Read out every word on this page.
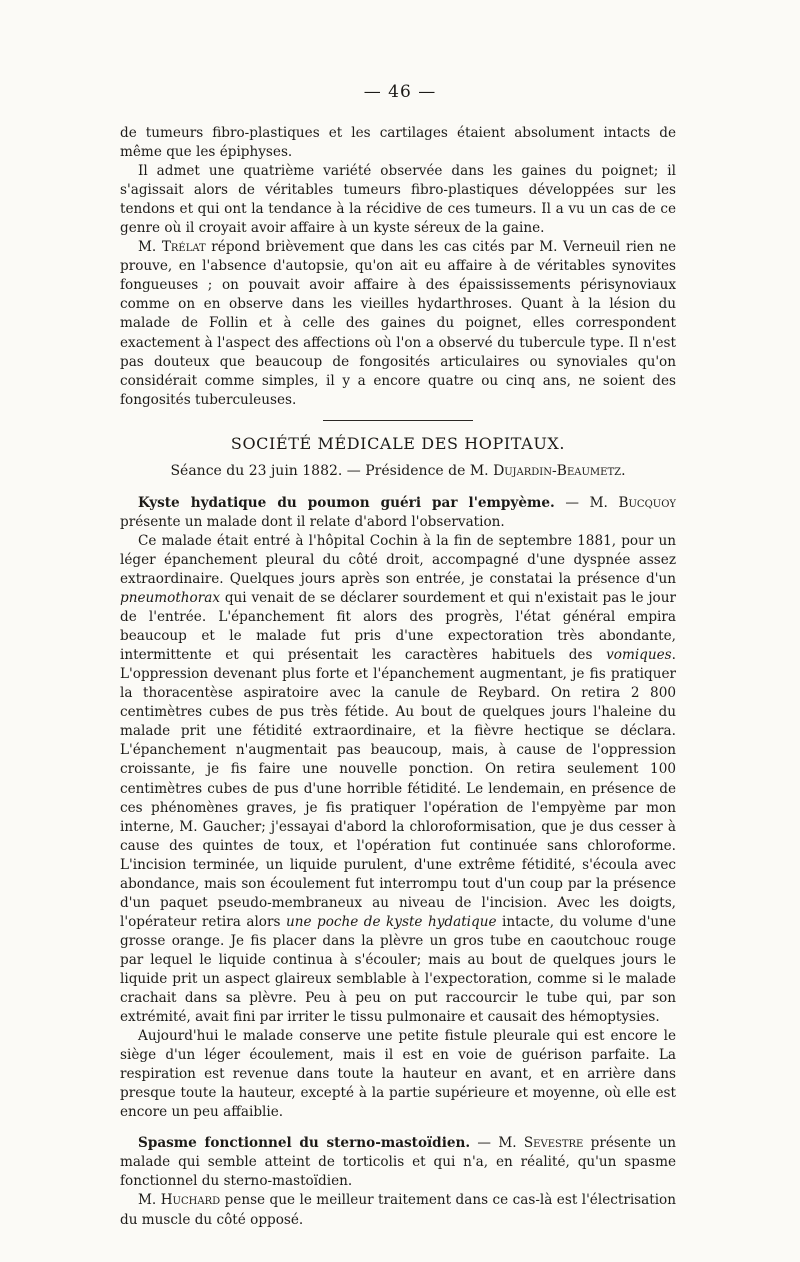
— 46 —

de tumeurs fibro-plastiques et les cartilages étaient absolument intacts de même que les épiphyses.

Il admet une quatrième variété observée dans les gaines du poignet; il s'agissait alors de véritables tumeurs fibro-plastiques développées sur les tendons et qui ont la tendance à la récidive de ces tumeurs. Il a vu un cas de ce genre où il croyait avoir affaire à un kyste séreux de la gaine.

M. Trélat répond brièvement que dans les cas cités par M. Verneuil rien ne prouve, en l'absence d'autopsie, qu'on ait eu affaire à de véritables synovites fongueuses ; on pouvait avoir affaire à des épaississements périsynoviaux comme on en observe dans les vieilles hydarthroses. Quant à la lésion du malade de Follin et à celle des gaines du poignet, elles correspondent exactement à l'aspect des affections où l'on a observé du tubercule type. Il n'est pas douteux que beaucoup de fongosités articulaires ou synoviales qu'on considérait comme simples, il y a encore quatre ou cinq ans, ne soient des fongosités tuberculeuses.

SOCIÉTÉ MÉDICALE DES HOPITAUX.
Séance du 23 juin 1882. — Présidence de M. Dujardin-Beaumetz.

Kyste hydatique du poumon guéri par l'empyème. — M. Bucquoy présente un malade dont il relate d'abord l'observation.

Ce malade était entré à l'hôpital Cochin à la fin de septembre 1881, pour un léger épanchement pleural du côté droit, accompagné d'une dyspnée assez extraordinaire. Quelques jours après son entrée, je constatai la présence d'un pneumothorax qui venait de se déclarer sourdement et qui n'existait pas le jour de l'entrée. L'épanchement fit alors des progrès, l'état général empira beaucoup et le malade fut pris d'une expectoration très abondante, intermittente et qui présentait les caractères habituels des vomiques. L'oppression devenant plus forte et l'épanchement augmentant, je fis pratiquer la thoracentèse aspiratoire avec la canule de Reybard. On retira 2 800 centimètres cubes de pus très fétide. Au bout de quelques jours l'haleine du malade prit une fétidité extraordinaire, et la fièvre hectique se déclara. L'épanchement n'augmentait pas beaucoup, mais, à cause de l'oppression croissante, je fis faire une nouvelle ponction. On retira seulement 100 centimètres cubes de pus d'une horrible fétidité. Le lendemain, en présence de ces phénomènes graves, je fis pratiquer l'opération de l'empyème par mon interne, M. Gaucher; j'essayai d'abord la chloroformisation, que je dus cesser à cause des quintes de toux, et l'opération fut continuée sans chloroforme. L'incision terminée, un liquide purulent, d'une extrême fétidité, s'écoula avec abondance, mais son écoulement fut interrompu tout d'un coup par la présence d'un paquet pseudo-membraneux au niveau de l'incision. Avec les doigts, l'opérateur retira alors une poche de kyste hydatique intacte, du volume d'une grosse orange. Je fis placer dans la plèvre un gros tube en caoutchouc rouge par lequel le liquide continua à s'écouler; mais au bout de quelques jours le liquide prit un aspect glaireux semblable à l'expectoration, comme si le malade crachait dans sa plèvre. Peu à peu on put raccourcir le tube qui, par son extrémité, avait fini par irriter le tissu pulmonaire et causait des hémoptysies.

Aujourd'hui le malade conserve une petite fistule pleurale qui est encore le siège d'un léger écoulement, mais il est en voie de guérison parfaite. La respiration est revenue dans toute la hauteur en avant, et en arrière dans presque toute la hauteur, excepté à la partie supérieure et moyenne, où elle est encore un peu affaiblie.

Spasme fonctionnel du sterno-mastoïdien. — M. Sevestre présente un malade qui semble atteint de torticolis et qui n'a, en réalité, qu'un spasme fonctionnel du sterno-mastoïdien.

M. Huchard pense que le meilleur traitement dans ce cas-là est l'électrisation du muscle du côté opposé.
